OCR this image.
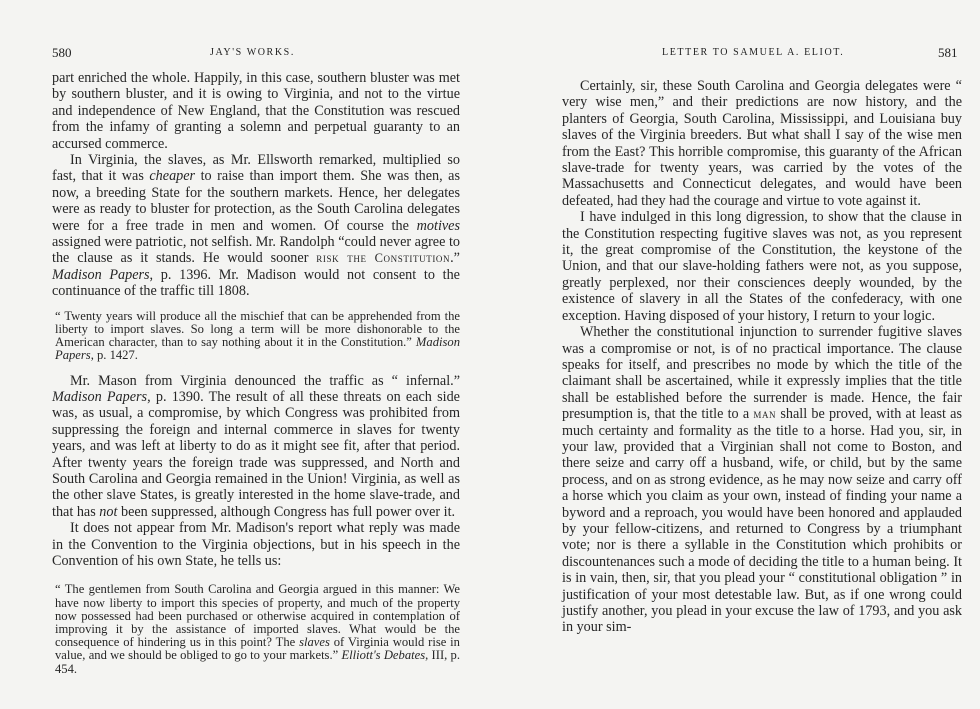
580	JAY'S WORKS.

part enriched the whole. Happily, in this case, southern bluster was met by southern bluster, and it is owing to Virginia, and not to the virtue and independence of New England, that the Constitution was rescued from the infamy of granting a solemn and perpetual guaranty to an accursed commerce.

In Virginia, the slaves, as Mr. Ellsworth remarked, multiplied so fast, that it was cheaper to raise than import them. She was then, as now, a breeding State for the southern markets. Hence, her delegates were as ready to bluster for protection, as the South Carolina delegates were for a free trade in men and women. Of course the motives assigned were patriotic, not selfish. Mr. Randolph “could never agree to the clause as it stands. He would sooner risk the Constitution.” Madison Papers, p. 1396. Mr. Madison would not consent to the continuance of the traffic till 1808.

“ Twenty years will produce all the mischief that can be apprehended from the liberty to import slaves. So long a term will be more dishonorable to the American character, than to say nothing about it in the Constitution.” Madison Papers, p. 1427.

Mr. Mason from Virginia denounced the traffic as “ infernal.” Madison Papers, p. 1390. The result of all these threats on each side was, as usual, a compromise, by which Congress was prohibited from suppressing the foreign and internal commerce in slaves for twenty years, and was left at liberty to do as it might see fit, after that period. After twenty years the foreign trade was suppressed, and North and South Carolina and Georgia remained in the Union! Virginia, as well as the other slave States, is greatly interested in the home slave-trade, and that has not been suppressed, although Congress has full power over it.

It does not appear from Mr. Madison's report what reply was made in the Convention to the Virginia objections, but in his speech in the Convention of his own State, he tells us:

“ The gentlemen from South Carolina and Georgia argued in this manner: We have now liberty to import this species of property, and much of the property now possessed had been purchased or otherwise acquired in contemplation of improving it by the assistance of imported slaves. What would be the consequence of hindering us in this point? The slaves of Virginia would rise in value, and we should be obliged to go to your markets.” Elliott's Debates, III, p. 454.

LETTER TO SAMUEL A. ELIOT.	581

Certainly, sir, these South Carolina and Georgia delegates were “ very wise men,” and their predictions are now history, and the planters of Georgia, South Carolina, Mississippi, and Louisiana buy slaves of the Virginia breeders. But what shall I say of the wise men from the East? This horrible compromise, this guaranty of the African slave-trade for twenty years, was carried by the votes of the Massachusetts and Connecticut delegates, and would have been defeated, had they had the courage and virtue to vote against it.

I have indulged in this long digression, to show that the clause in the Constitution respecting fugitive slaves was not, as you represent it, the great compromise of the Constitution, the keystone of the Union, and that our slave-holding fathers were not, as you suppose, greatly perplexed, nor their consciences deeply wounded, by the existence of slavery in all the States of the confederacy, with one exception. Having disposed of your history, I return to your logic.

Whether the constitutional injunction to surrender fugitive slaves was a compromise or not, is of no practical importance. The clause speaks for itself, and prescribes no mode by which the title of the claimant shall be ascertained, while it expressly implies that the title shall be established before the surrender is made. Hence, the fair presumption is, that the title to a man shall be proved, with at least as much certainty and formality as the title to a horse. Had you, sir, in your law, provided that a Virginian shall not come to Boston, and there seize and carry off a husband, wife, or child, but by the same process, and on as strong evidence, as he may now seize and carry off a horse which you claim as your own, instead of finding your name a byword and a reproach, you would have been honored and applauded by your fellow-citizens, and returned to Congress by a triumphant vote; nor is there a syllable in the Constitution which prohibits or discountenances such a mode of deciding the title to a human being. It is in vain, then, sir, that you plead your “ constitutional obligation ” in justification of your most detestable law. But, as if one wrong could justify another, you plead in your excuse the law of 1793, and you ask in your sim-
